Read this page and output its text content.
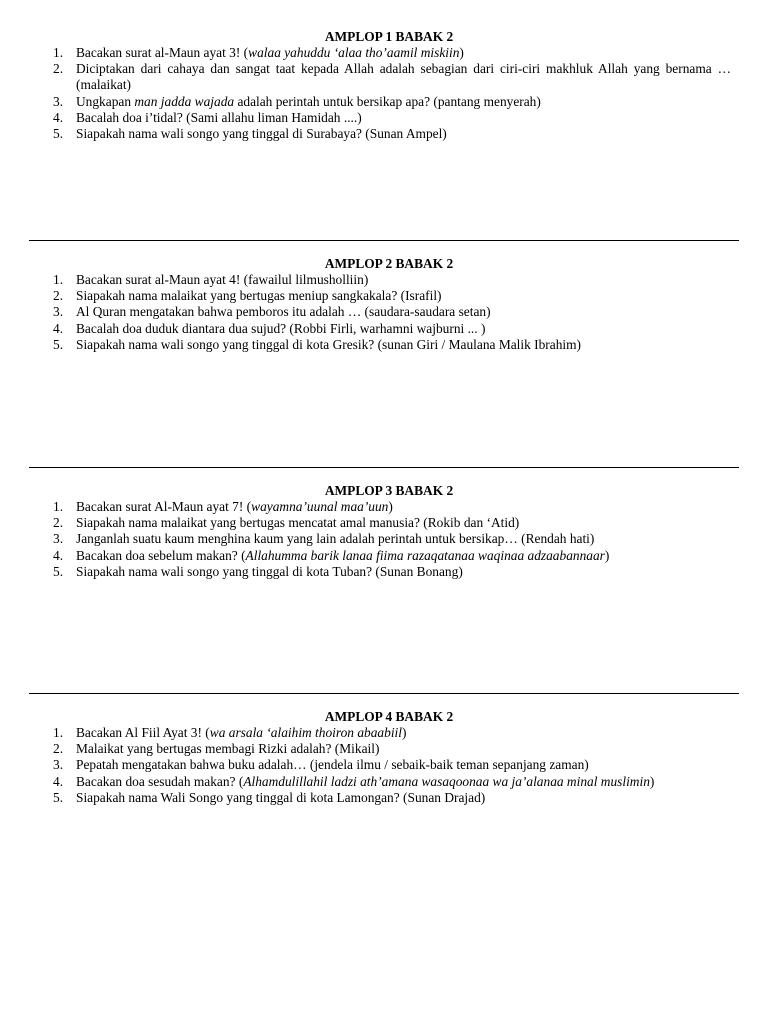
AMPLOP 1 BABAK 2
1. Bacakan surat al-Maun ayat 3! (walaa yahuddu ‘alaa tho’aamil miskiin)
2. Diciptakan dari cahaya dan sangat taat kepada Allah adalah sebagian dari ciri-ciri makhluk Allah yang bernama … (malaikat)
3. Ungkapan man jadda wajada adalah perintah untuk bersikap apa? (pantang menyerah)
4. Bacalah doa i’tidal? (Sami allahu liman Hamidah ....)
5. Siapakah nama wali songo yang tinggal di Surabaya? (Sunan Ampel)
AMPLOP 2 BABAK 2
1. Bacakan surat al-Maun ayat 4! (fawailul lilmusholliin)
2. Siapakah nama malaikat yang bertugas meniup sangkakala? (Israfil)
3. Al Quran mengatakan bahwa pemboros itu adalah … (saudara-saudara setan)
4. Bacalah doa duduk diantara dua sujud? (Robbi Firli, warhamni wajburni ... )
5. Siapakah nama wali songo yang tinggal di kota Gresik? (sunan Giri / Maulana Malik Ibrahim)
AMPLOP 3 BABAK 2
1. Bacakan surat Al-Maun ayat 7! (wayamna’uunal maa’uun)
2. Siapakah nama malaikat yang bertugas mencatat amal manusia? (Rokib dan ‘Atid)
3. Janganlah suatu kaum menghina kaum yang lain adalah perintah untuk bersikap… (Rendah hati)
4. Bacakan doa sebelum makan? (Allahumma barik lanaa fiima razaqatanaa waqinaa adzaabannaar)
5. Siapakah nama wali songo yang tinggal di kota Tuban? (Sunan Bonang)
AMPLOP 4 BABAK 2
1. Bacakan Al Fiil Ayat 3! (wa arsala ‘alaihim thoiron abaabiil)
2. Malaikat yang bertugas membagi Rizki adalah? (Mikail)
3. Pepatah mengatakan bahwa buku adalah… (jendela ilmu / sebaik-baik teman sepanjang zaman)
4. Bacakan doa sesudah makan? (Alhamdulillahil ladzi ath’amana wasaqoonaa wa ja’alanaa minal muslimin)
5. Siapakah nama Wali Songo yang tinggal di kota Lamongan? (Sunan Drajad)
